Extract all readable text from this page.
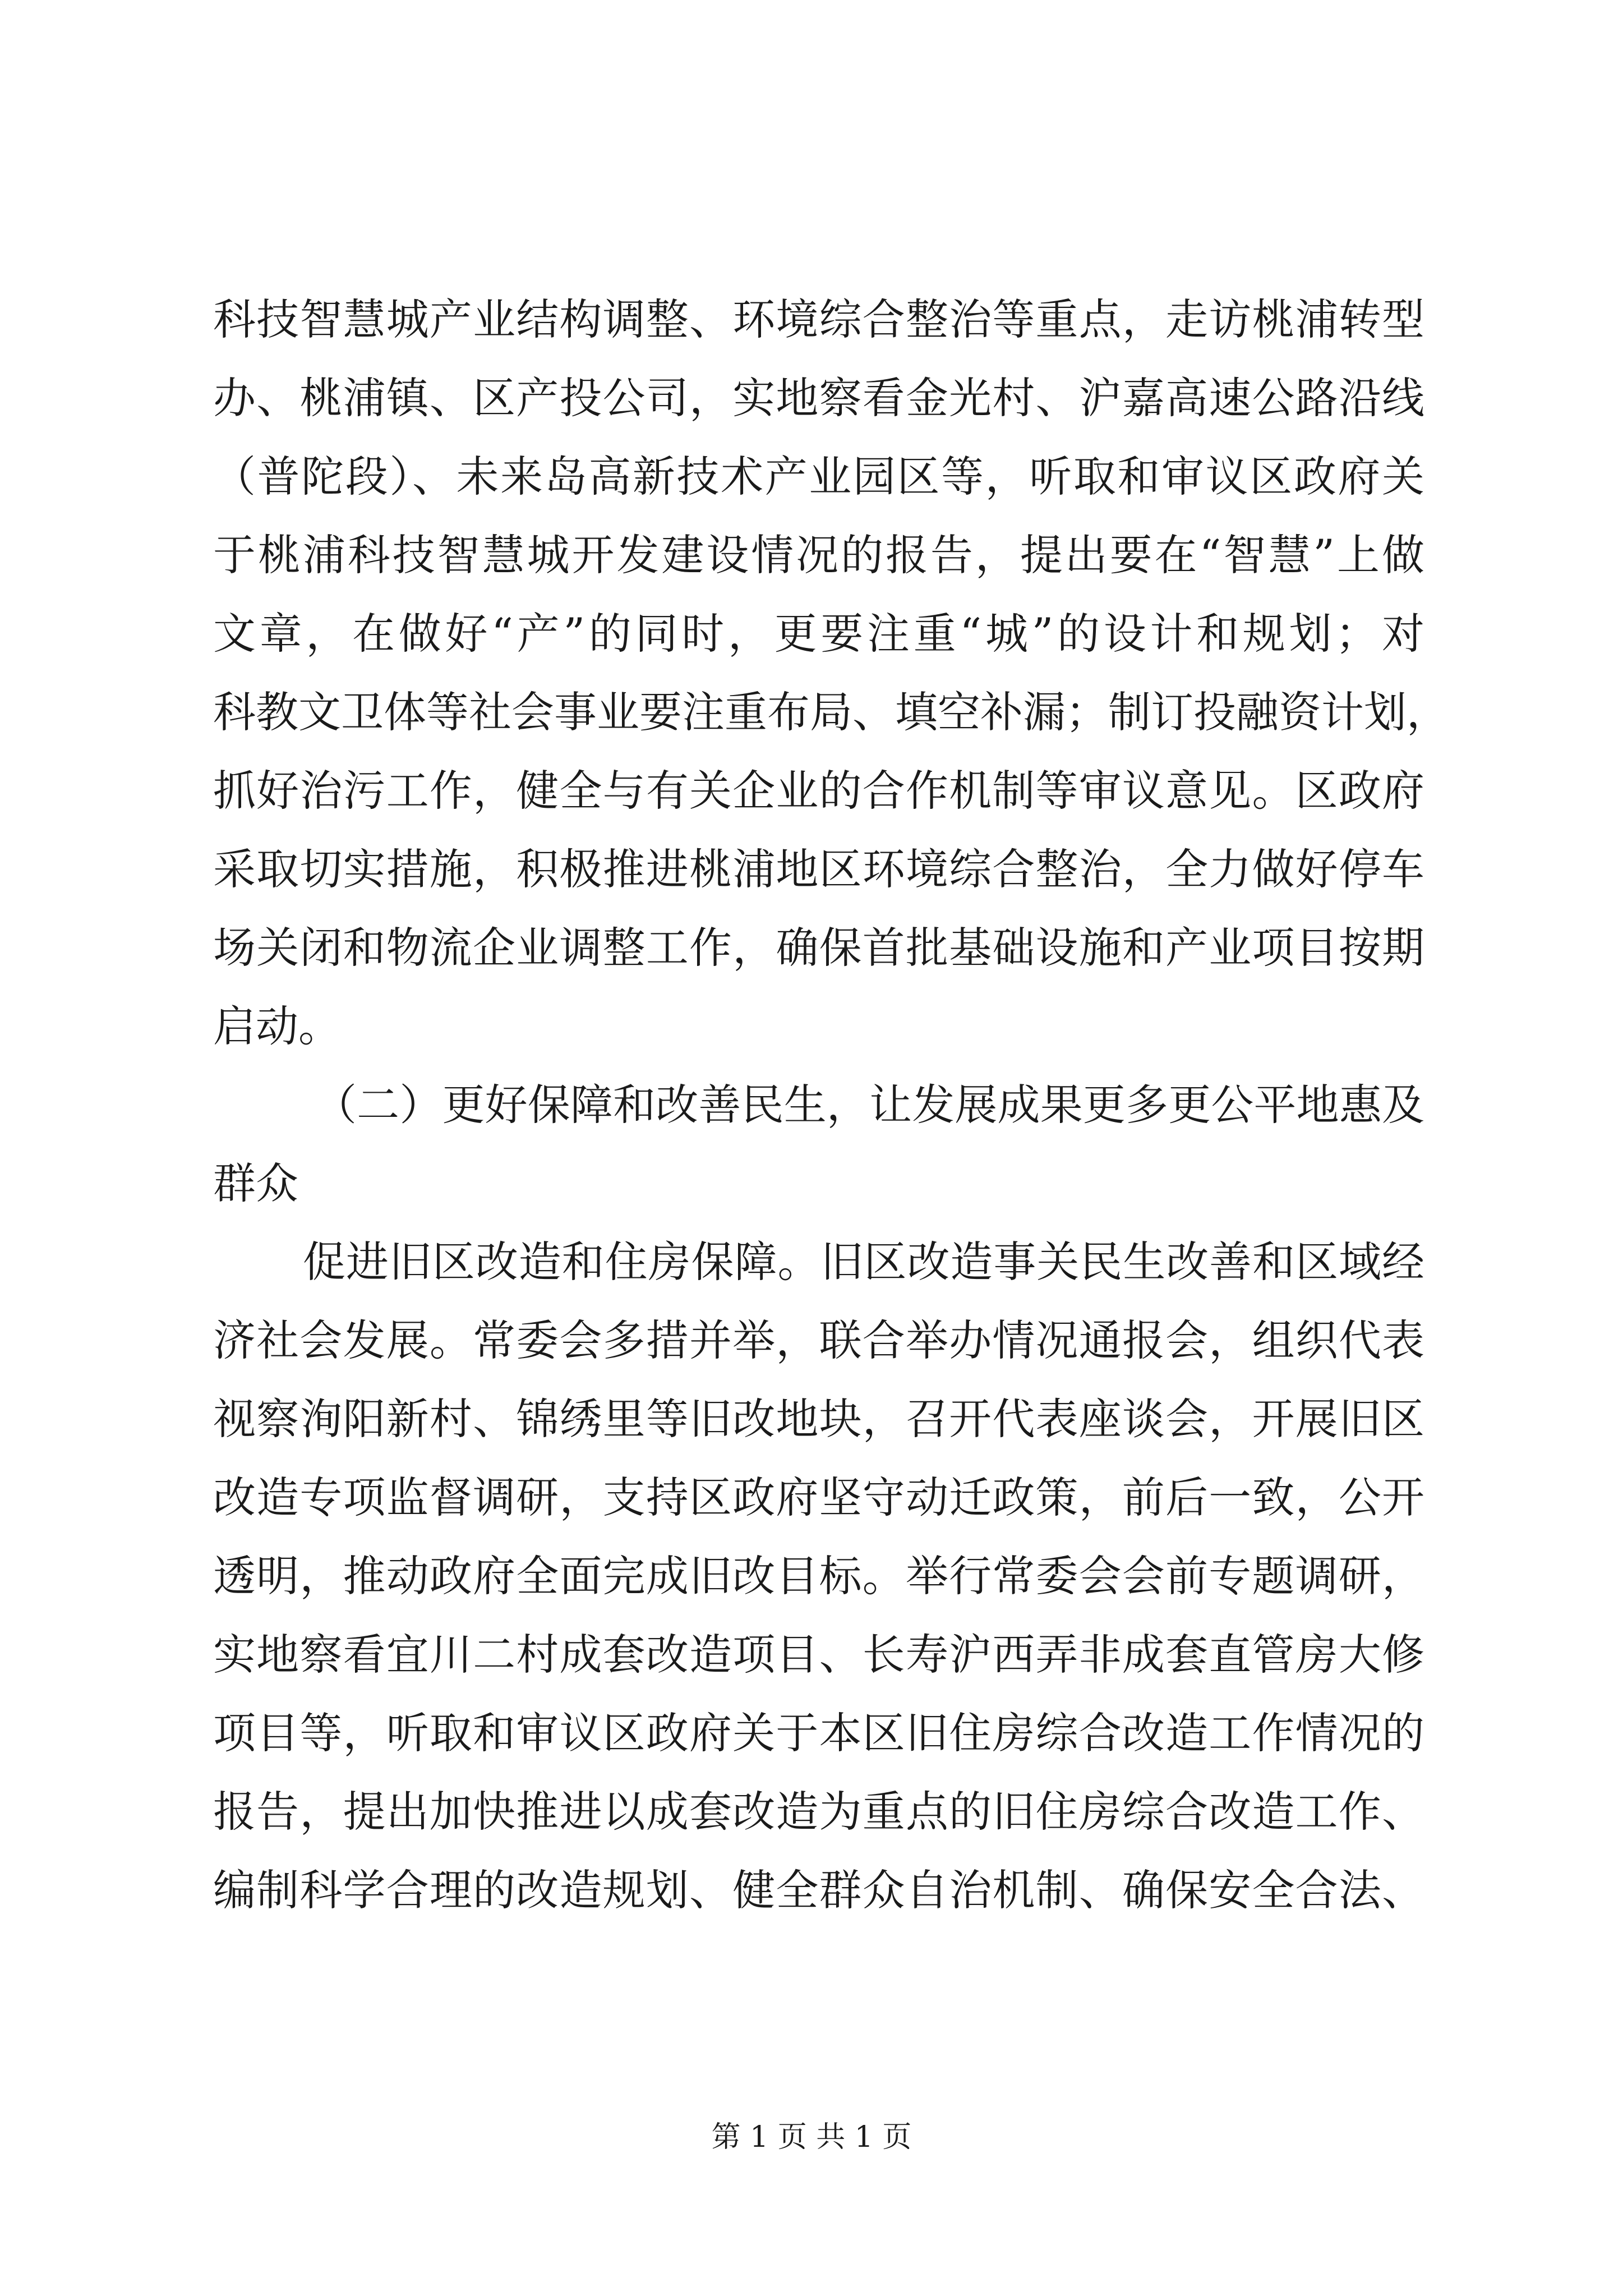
科技智慧城产业结构调整、环境综合整治等重点，走访桃浦转型
办、桃浦镇、区产投公司，实地察看金光村、沪嘉高速公路沿线
（普陀段）、未来岛高新技术产业园区等，听取和审议区政府关
于桃浦科技智慧城开发建设情况的报告，提出要在“智慧”上做
文章，在做好“产”的同时，更要注重“城”的设计和规划；对
科教文卫体等社会事业要注重布局、填空补漏；制订投融资计划，
抓好治污工作，健全与有关企业的合作机制等审议意见。区政府
采取切实措施，积极推进桃浦地区环境综合整治，全力做好停车
场关闭和物流企业调整工作，确保首批基础设施和产业项目按期
启动。
（二）更好保障和改善民生，让发展成果更多更公平地惠及
群众
促进旧区改造和住房保障。旧区改造事关民生改善和区域经
济社会发展。常委会多措并举，联合举办情况通报会，组织代表
视察洵阳新村、锦绣里等旧改地块，召开代表座谈会，开展旧区
改造专项监督调研，支持区政府坚守动迁政策，前后一致，公开
透明，推动政府全面完成旧改目标。举行常委会会前专题调研，
实地察看宜川二村成套改造项目、长寿沪西弄非成套直管房大修
项目等，听取和审议区政府关于本区旧住房综合改造工作情况的
报告，提出加快推进以成套改造为重点的旧住房综合改造工作、
编制科学合理的改造规划、健全群众自治机制、确保安全合法、
第 1 页 共 1 页
